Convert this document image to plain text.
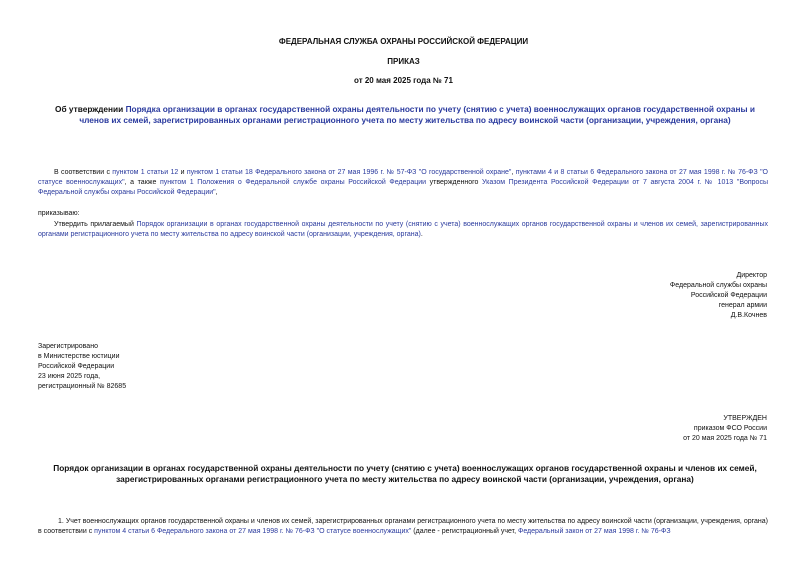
ФЕДЕРАЛЬНАЯ СЛУЖБА ОХРАНЫ РОССИЙСКОЙ ФЕДЕРАЦИИ
ПРИКАЗ
от 20 мая 2025 года № 71
Об утверждении Порядка организации в органах государственной охраны деятельности по учету (снятию с учета) военнослужащих органов государственной охраны и членов их семей, зарегистрированных органами регистрационного учета по месту жительства по адресу воинской части (организации, учреждения, органа)
В соответствии с пунктом 1 статьи 12 и пунктом 1 статьи 18 Федерального закона от 27 мая 1996 г. № 57-ФЗ "О государственной охране", пунктами 4 и 8 статьи 6 Федерального закона от 27 мая 1998 г. № 76-ФЗ "О статусе военнослужащих", а также пунктом 1 Положения о Федеральной службе охраны Российской Федерации утвержденного Указом Президента Российской Федерации от 7 августа 2004 г. № 1013 "Вопросы Федеральной службы охраны Российской Федерации",
приказываю:
Утвердить прилагаемый Порядок организации в органах государственной охраны деятельности по учету (снятию с учета) военнослужащих органов государственной охраны и членов их семей, зарегистрированных органами регистрационного учета по месту жительства по адресу воинской части (организации, учреждения, органа).
Директор
Федеральной службы охраны
Российской Федерации
генерал армии
Д.В.Кочнев
Зарегистрировано
в Министерстве юстиции
Российской Федерации
23 июня 2025 года,
регистрационный № 82685
УТВЕРЖДЕН
приказом ФСО России
от 20 мая 2025 года № 71
Порядок организации в органах государственной охраны деятельности по учету (снятию с учета) военнослужащих органов государственной охраны и членов их семей, зарегистрированных органами регистрационного учета по месту жительства по адресу воинской части (организации, учреждения, органа)
1. Учет военнослужащих органов государственной охраны и членов их семей, зарегистрированных органами регистрационного учета по месту жительства по адресу воинской части (организации, учреждения, органа) в соответствии с пунктом 4 статьи 6 Федерального закона от 27 мая 1998 г. № 76-ФЗ "О статусе военнослужащих" (далее - регистрационный учет, Федеральный закон от 27 мая 1998 г. № 76-ФЗ
